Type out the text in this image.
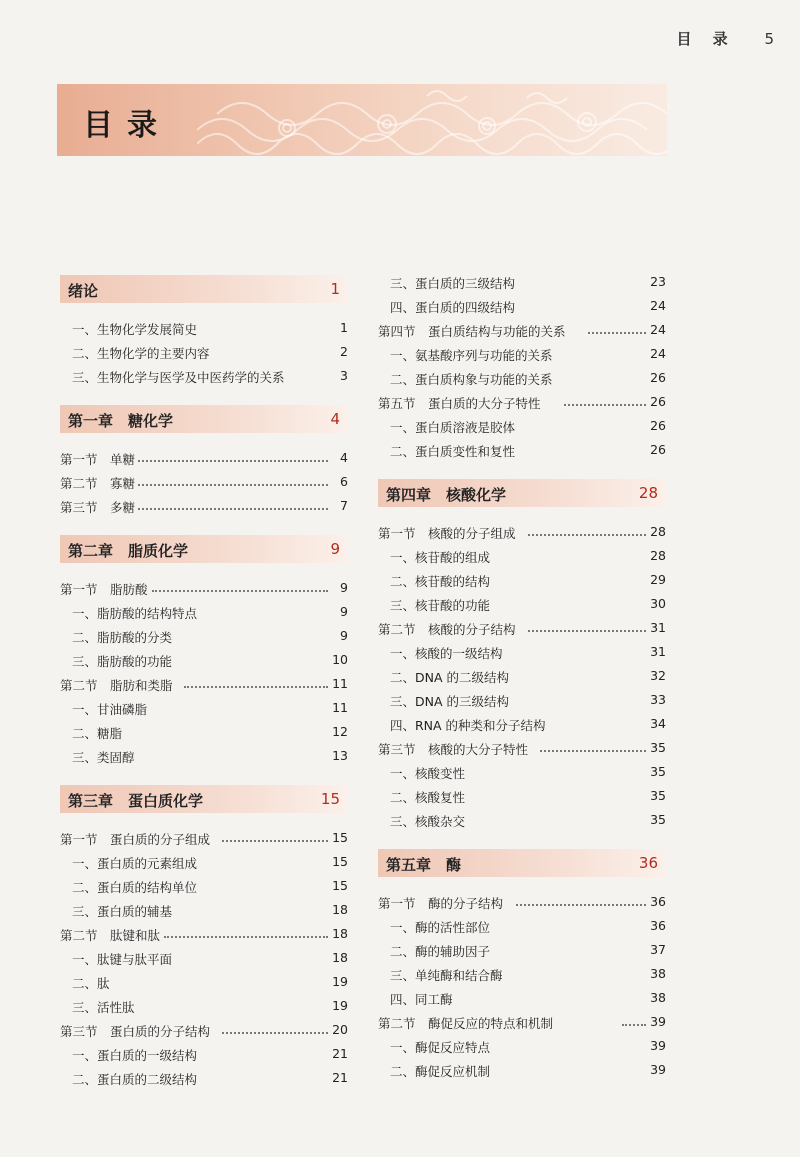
目 录 5
目录
绪论	1
一、生物化学发展简史	1
二、生物化学的主要内容	2
三、生物化学与医学及中医药学的关系	3
第一章　糖化学	4
第一节　单糖	4
第二节　寡糖	6
第三节　多糖	7
第二章　脂质化学	9
第一节　脂肪酸	9
一、脂肪酸的结构特点	9
二、脂肪酸的分类	9
三、脂肪酸的功能	10
第二节　脂肪和类脂	11
一、甘油磷脂	11
二、糖脂	12
三、类固醇	13
第三章　蛋白质化学	15
第一节　蛋白质的分子组成	15
一、蛋白质的元素组成	15
二、蛋白质的结构单位	15
三、蛋白质的辅基	18
第二节　肽键和肽	18
一、肽键与肽平面	18
二、肽	19
三、活性肽	19
第三节　蛋白质的分子结构	20
一、蛋白质的一级结构	21
二、蛋白质的二级结构	21
三、蛋白质的三级结构	23
四、蛋白质的四级结构	24
第四节　蛋白质结构与功能的关系	24
一、氨基酸序列与功能的关系	24
二、蛋白质构象与功能的关系	26
第五节　蛋白质的大分子特性	26
一、蛋白质溶液是胶体	26
二、蛋白质变性和复性	26
第四章　核酸化学	28
第一节　核酸的分子组成	28
一、核苷酸的组成	28
二、核苷酸的结构	29
三、核苷酸的功能	30
第二节　核酸的分子结构	31
一、核酸的一级结构	31
二、DNA 的二级结构	32
三、DNA 的三级结构	33
四、RNA 的种类和分子结构	34
第三节　核酸的大分子特性	35
一、核酸变性	35
二、核酸复性	35
三、核酸杂交	35
第五章　酶	36
第一节　酶的分子结构	36
一、酶的活性部位	36
二、酶的辅助因子	37
三、单纯酶和结合酶	38
四、同工酶	38
第二节　酶促反应的特点和机制	39
一、酶促反应特点	39
二、酶促反应机制	39
